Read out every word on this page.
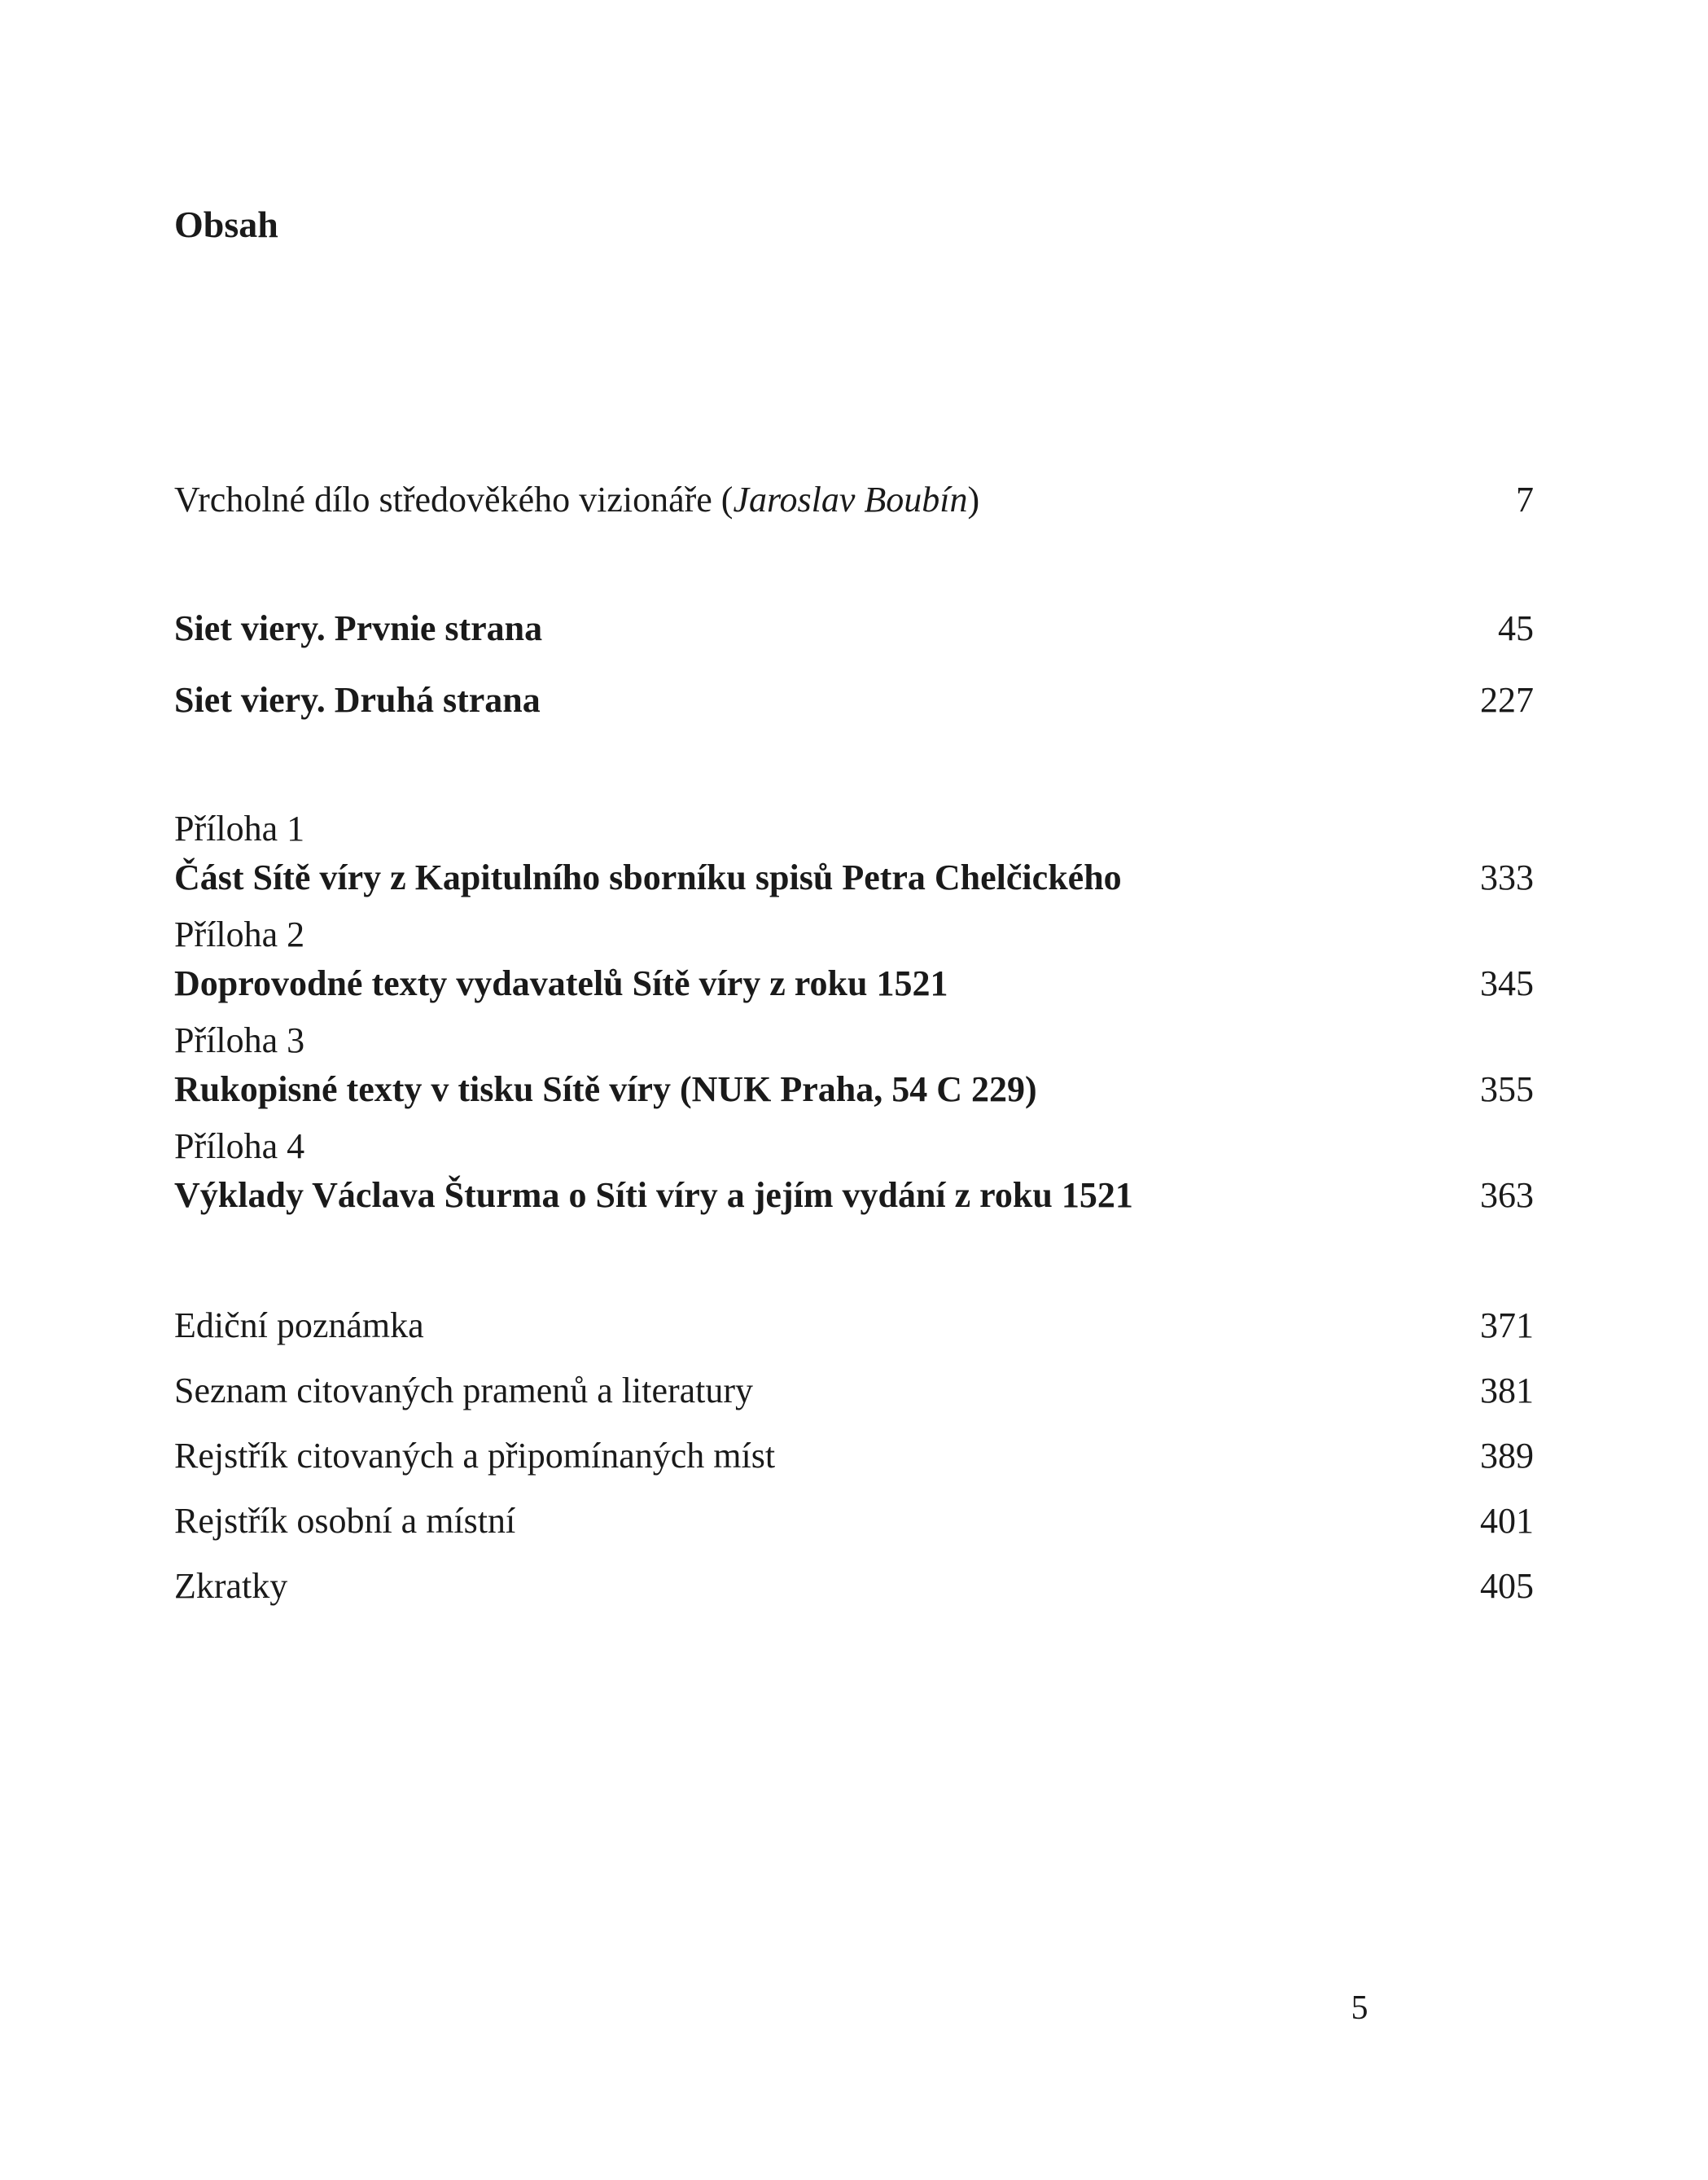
Obsah
Vrcholné dílo středověkého vizionáře (Jaroslav Boubín)	7
Siet viery. Prvnie strana	45
Siet viery. Druhá strana	227
Příloha 1
Část Sítě víry z Kapitulního sborníku spisů Petra Chelčického	333
Příloha 2
Doprovodné texty vydavatelů Sítě víry z roku 1521	345
Příloha 3
Rukopisné texty v tisku Sítě víry (NUK Praha, 54 C 229)	355
Příloha 4
Výklady Václava Šturma o Síti víry a jejím vydání z roku 1521	363
Ediční poznámka	371
Seznam citovaných pramenů a literatury	381
Rejstřík citovaných a připomínaných míst	389
Rejstřík osobní a místní	401
Zkratky	405
5
